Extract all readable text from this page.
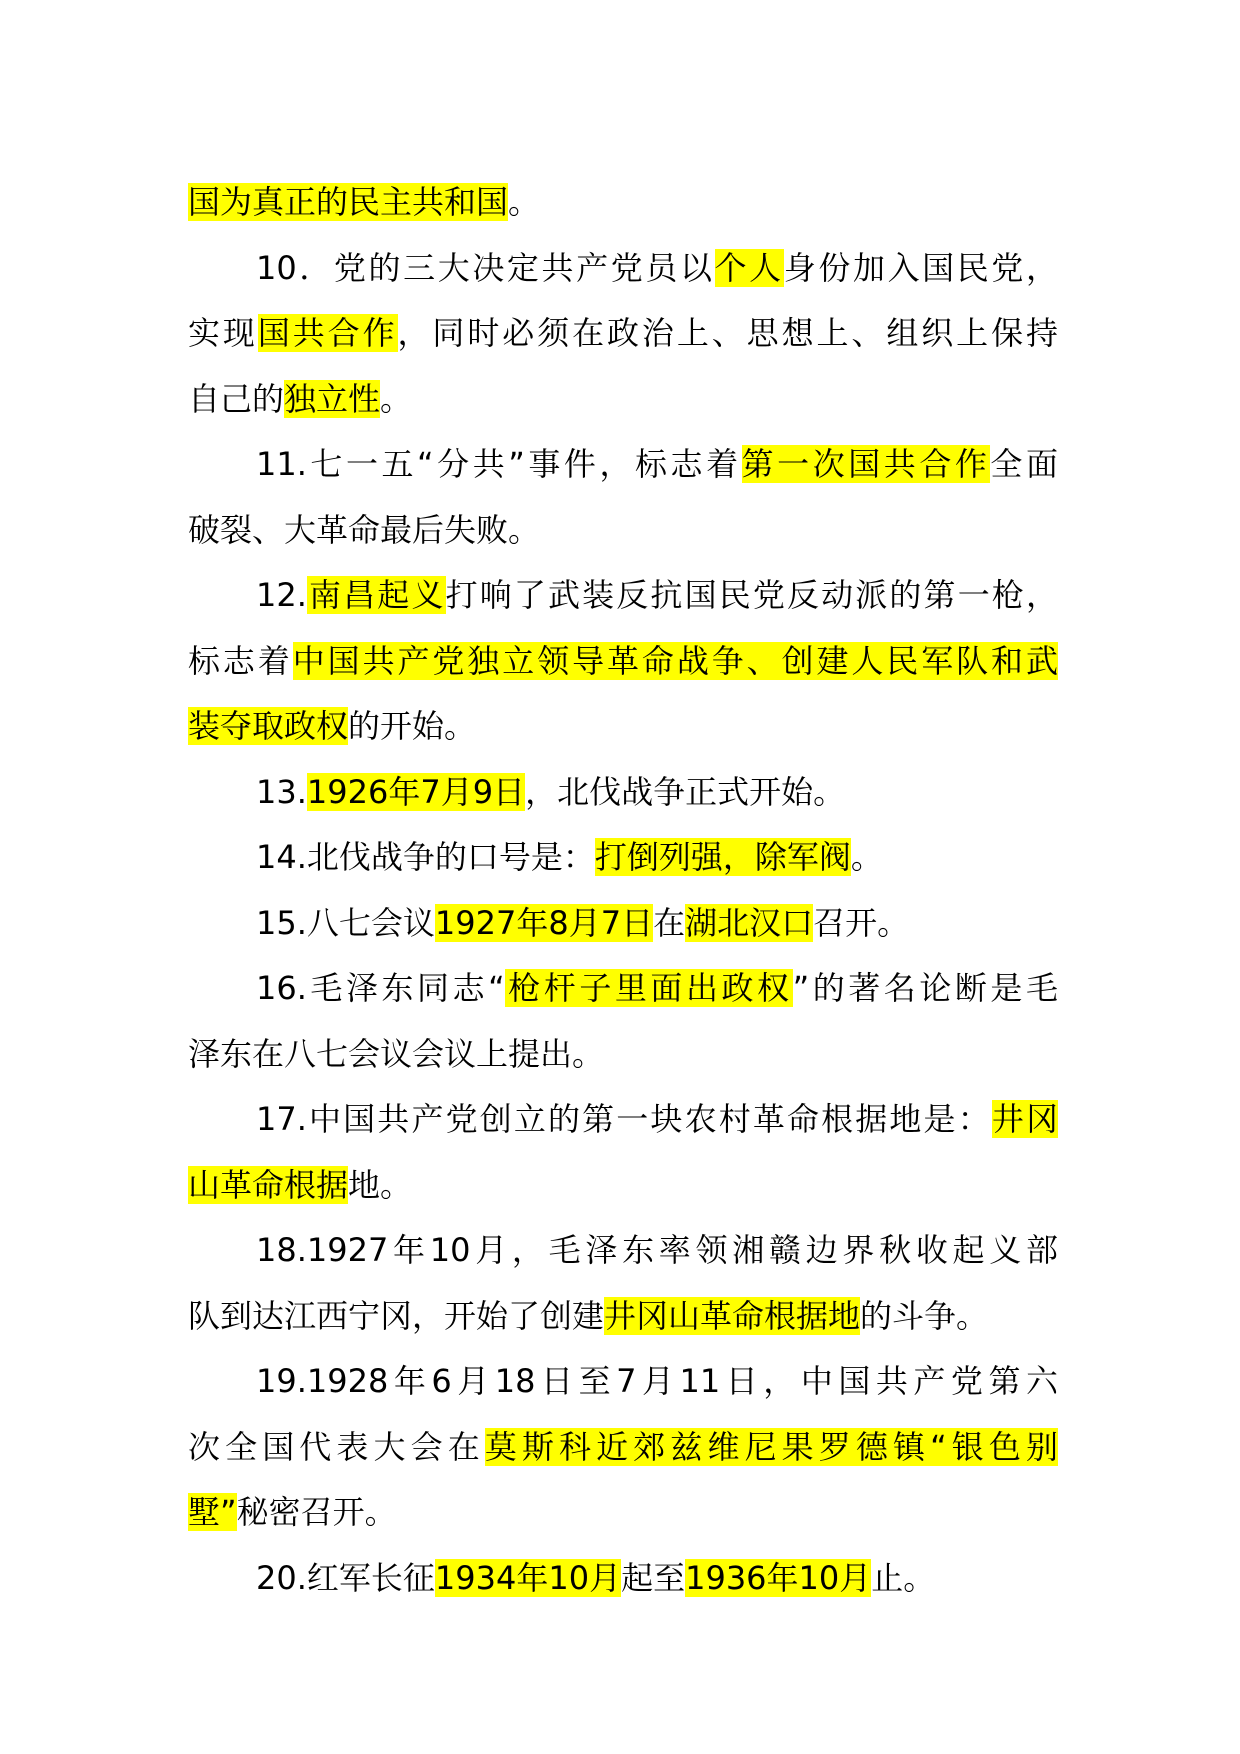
国为真正的民主共和国。
10．党的三大决定共产党员以个人身份加入国民党，
实现国共合作，同时必须在政治上、思想上、组织上保持
自己的独立性。
11.七一五“分共”事件，标志着第一次国共合作全面
破裂、大革命最后失败。
12.南昌起义打响了武装反抗国民党反动派的第一枪，
标志着中国共产党独立领导革命战争、创建人民军队和武
装夺取政权的开始。
13.1926年7月9日，北伐战争正式开始。
14.北伐战争的口号是：打倒列强，除军阀。
15.八七会议1927年8月7日在湖北汉口召开。
16.毛泽东同志“枪杆子里面出政权”的著名论断是毛
泽东在八七会议会议上提出。
17.中国共产党创立的第一块农村革命根据地是：井冈
山革命根据地。
18.1927年10月，毛泽东率领湘赣边界秋收起义部
队到达江西宁冈，开始了创建井冈山革命根据地的斗争。
19.1928年6月18日至7月11日，中国共产党第六
次全国代表大会在莫斯科近郊兹维尼果罗德镇“银色别
墅”秘密召开。
20.红军长征1934年10月起至1936年10月止。
